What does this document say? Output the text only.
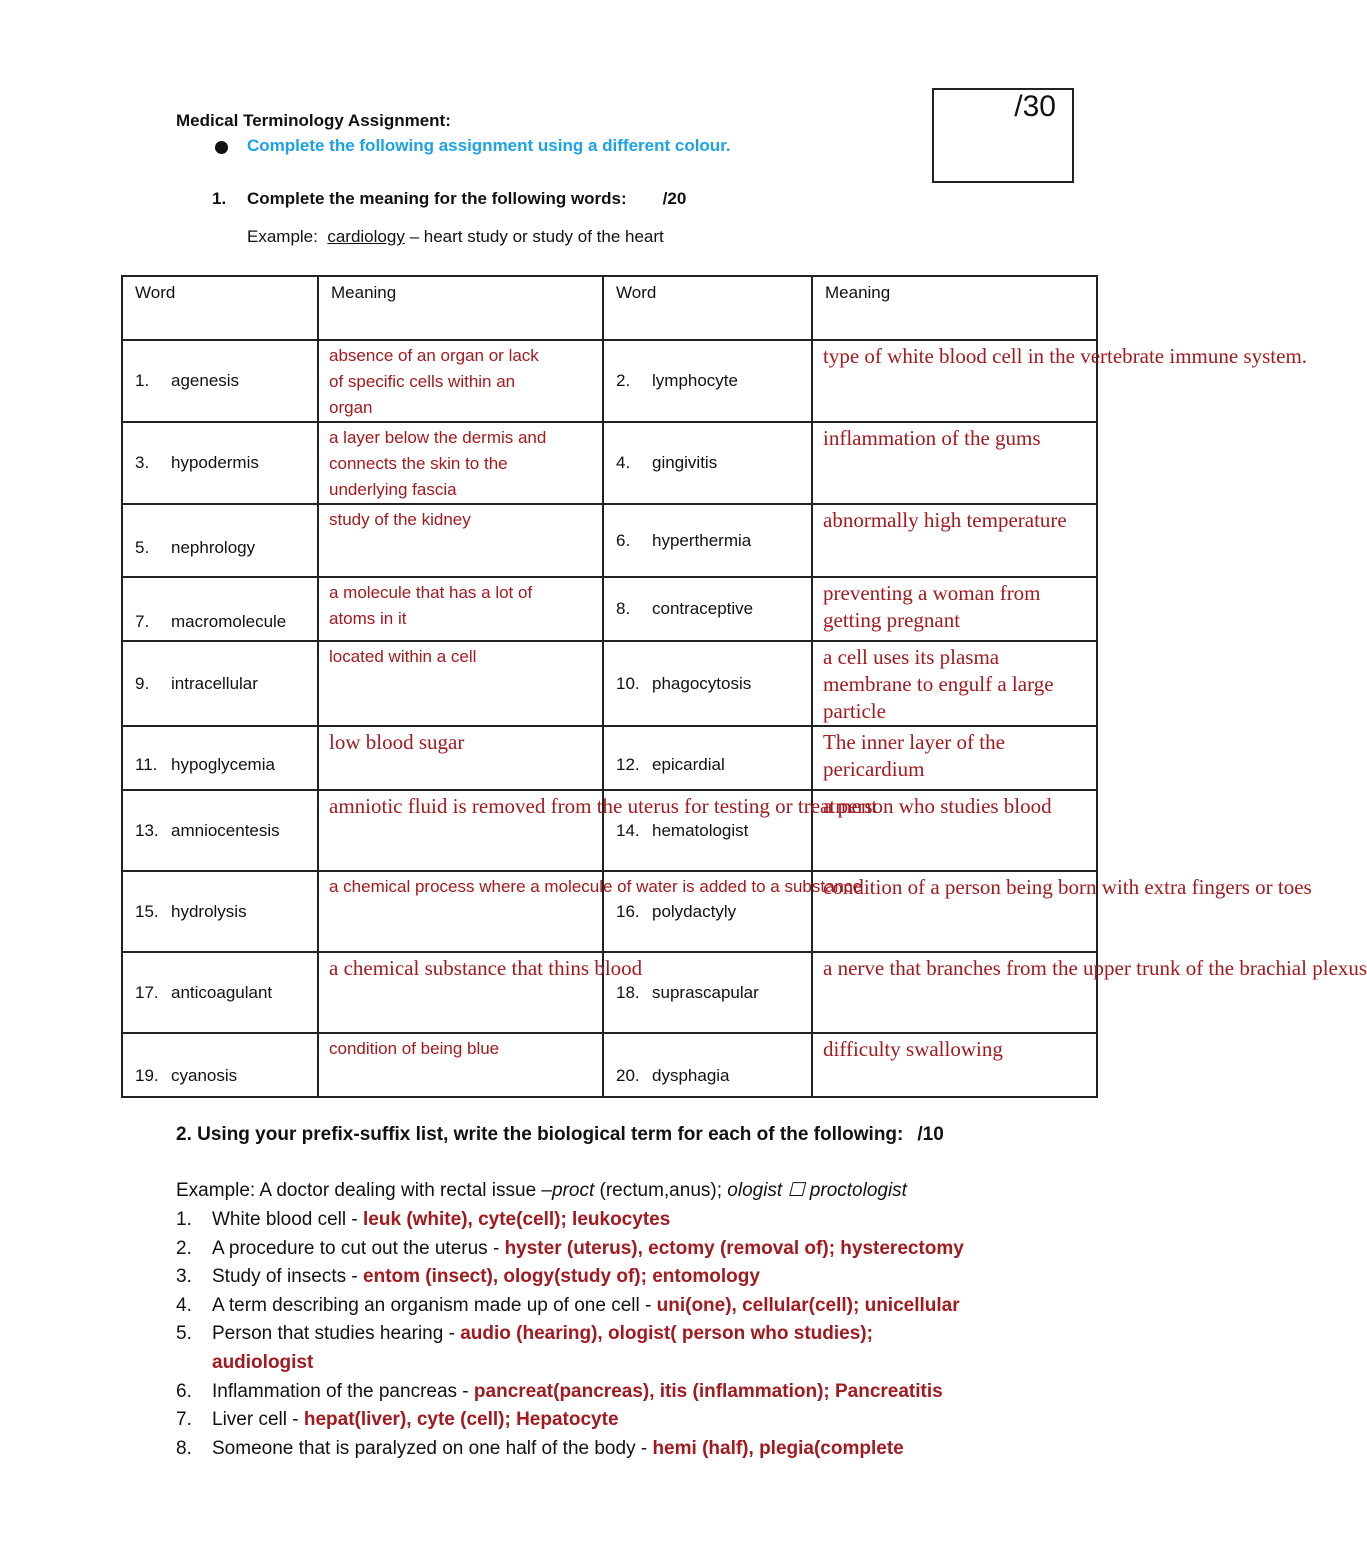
Medical Terminology Assignment:
Complete the following assignment using a different colour.
/30
1. Complete the meaning for the following words: /20
Example: cardiology – heart study or study of the heart
Word	Meaning	Word	Meaning

1. agenesis	absence of an organ or lack
of specific cells within an
organ	2. lymphocyte	type of white blood cell in the vertebrate immune system.

3. hypodermis	a layer below the dermis and
connects the skin to the
underlying fascia	4. gingivitis	inflammation of the gums

5. nephrology	study of the kidney	6. hyperthermia	abnormally high temperature

7. macromolecule	a molecule that has a lot of
atoms in it	8. contraceptive	preventing a woman from
getting pregnant

9. intracellular	located within a cell	10. phagocytosis	a cell uses its plasma
membrane to engulf a large
particle

11. hypoglycemia	low blood sugar	12. epicardial	The inner layer of the
pericardium

13. amniocentesis	amniotic fluid is removed from the uterus for testing or treatment	14. hematologist	a person who studies blood

15. hydrolysis	a chemical process where a molecule of water is added to a substance	16. polydactyly	condition of a person being born with extra fingers or toes

17. anticoagulant	a chemical substance that thins blood	18. suprascapular	a nerve that branches from the upper trunk of the brachial plexus

19. cyanosis	condition of being blue	20. dysphagia	difficulty swallowing
2. Using your prefix-suffix list, write the biological term for each of the following: /10
Example: A doctor dealing with rectal issue –proct (rectum,anus); ologist ☐ proctologist
1. White blood cell - leuk (white), cyte(cell); leukocytes
2. A procedure to cut out the uterus - hyster (uterus), ectomy (removal of); hysterectomy
3. Study of insects - entom (insect), ology(study of); entomology
4. A term describing an organism made up of one cell - uni(one), cellular(cell); unicellular
5. Person that studies hearing - audio (hearing), ologist( person who studies); audiologist
6. Inflammation of the pancreas - pancreat(pancreas), itis (inflammation); Pancreatitis
7. Liver cell - hepat(liver), cyte (cell); Hepatocyte
8. Someone that is paralyzed on one half of the body - hemi (half), plegia(complete
